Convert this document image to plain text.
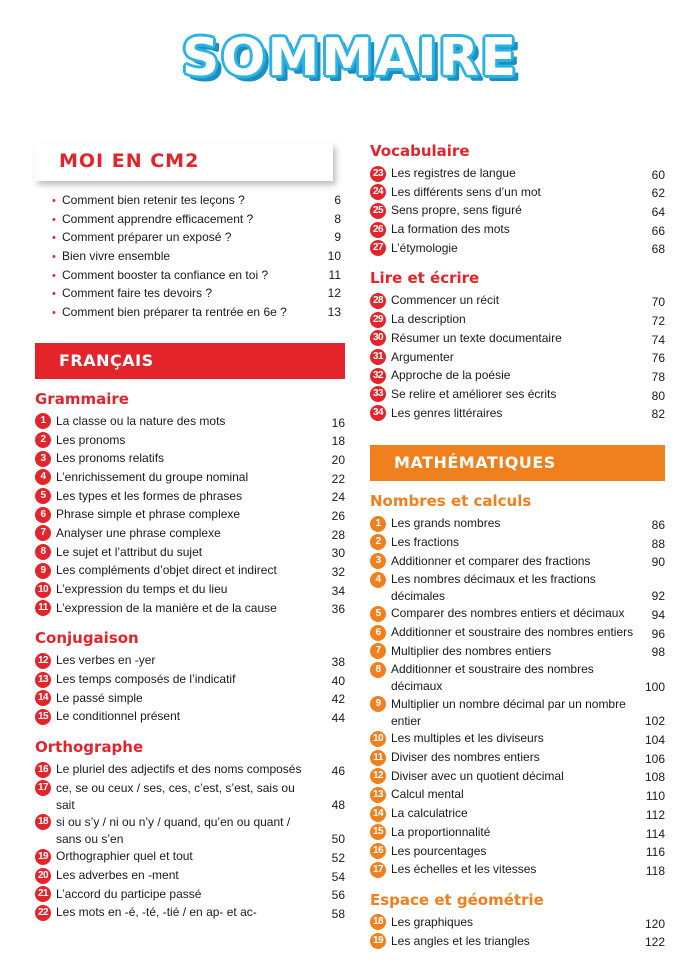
SOMMAIRE
MOI EN CM2
• Comment bien retenir tes leçons ?	6
• Comment apprendre efficacement ?	8
• Comment préparer un exposé ?	9
• Bien vivre ensemble	10
• Comment booster ta confiance en toi ?	11
• Comment faire tes devoirs ?	12
• Comment bien préparer ta rentrée en 6e ?	13
FRANÇAIS
Grammaire
1 La classe ou la nature des mots	16
2 Les pronoms	18
3 Les pronoms relatifs	20
4 L’enrichissement du groupe nominal	22
5 Les types et les formes de phrases	24
6 Phrase simple et phrase complexe	26
7 Analyser une phrase complexe	28
8 Le sujet et l’attribut du sujet	30
9 Les compléments d’objet direct et indirect	32
10 L’expression du temps et du lieu	34
11 L’expression de la manière et de la cause	36
Conjugaison
12 Les verbes en -yer	38
13 Les temps composés de l’indicatif	40
14 Le passé simple	42
15 Le conditionnel présent	44
Orthographe
16 Le pluriel des adjectifs et des noms composés	46
17 ce, se ou ceux / ses, ces, c’est, s’est, sais ou sait	48
18 si ou s’y / ni ou n’y / quand, qu’en ou quant / sans ou s’en	50
19 Orthographier quel et tout	52
20 Les adverbes en -ment	54
21 L’accord du participe passé	56
22 Les mots en -é, -té, -tié / en ap- et ac-	58
Vocabulaire
23 Les registres de langue	60
24 Les différents sens d’un mot	62
25 Sens propre, sens figuré	64
26 La formation des mots	66
27 L’étymologie	68
Lire et écrire
28 Commencer un récit	70
29 La description	72
30 Résumer un texte documentaire	74
31 Argumenter	76
32 Approche de la poésie	78
33 Se relire et améliorer ses écrits	80
34 Les genres littéraires	82
MATHÉMATIQUES
Nombres et calculs
1 Les grands nombres	86
2 Les fractions	88
3 Additionner et comparer des fractions	90
4 Les nombres décimaux et les fractions décimales	92
5 Comparer des nombres entiers et décimaux	94
6 Additionner et soustraire des nombres entiers	96
7 Multiplier des nombres entiers	98
8 Additionner et soustraire des nombres décimaux	100
9 Multiplier un nombre décimal par un nombre entier	102
10 Les multiples et les diviseurs	104
11 Diviser des nombres entiers	106
12 Diviser avec un quotient décimal	108
13 Calcul mental	110
14 La calculatrice	112
15 La proportionnalité	114
16 Les pourcentages	116
17 Les échelles et les vitesses	118
Espace et géométrie
18 Les graphiques	120
19 Les angles et les triangles	122
